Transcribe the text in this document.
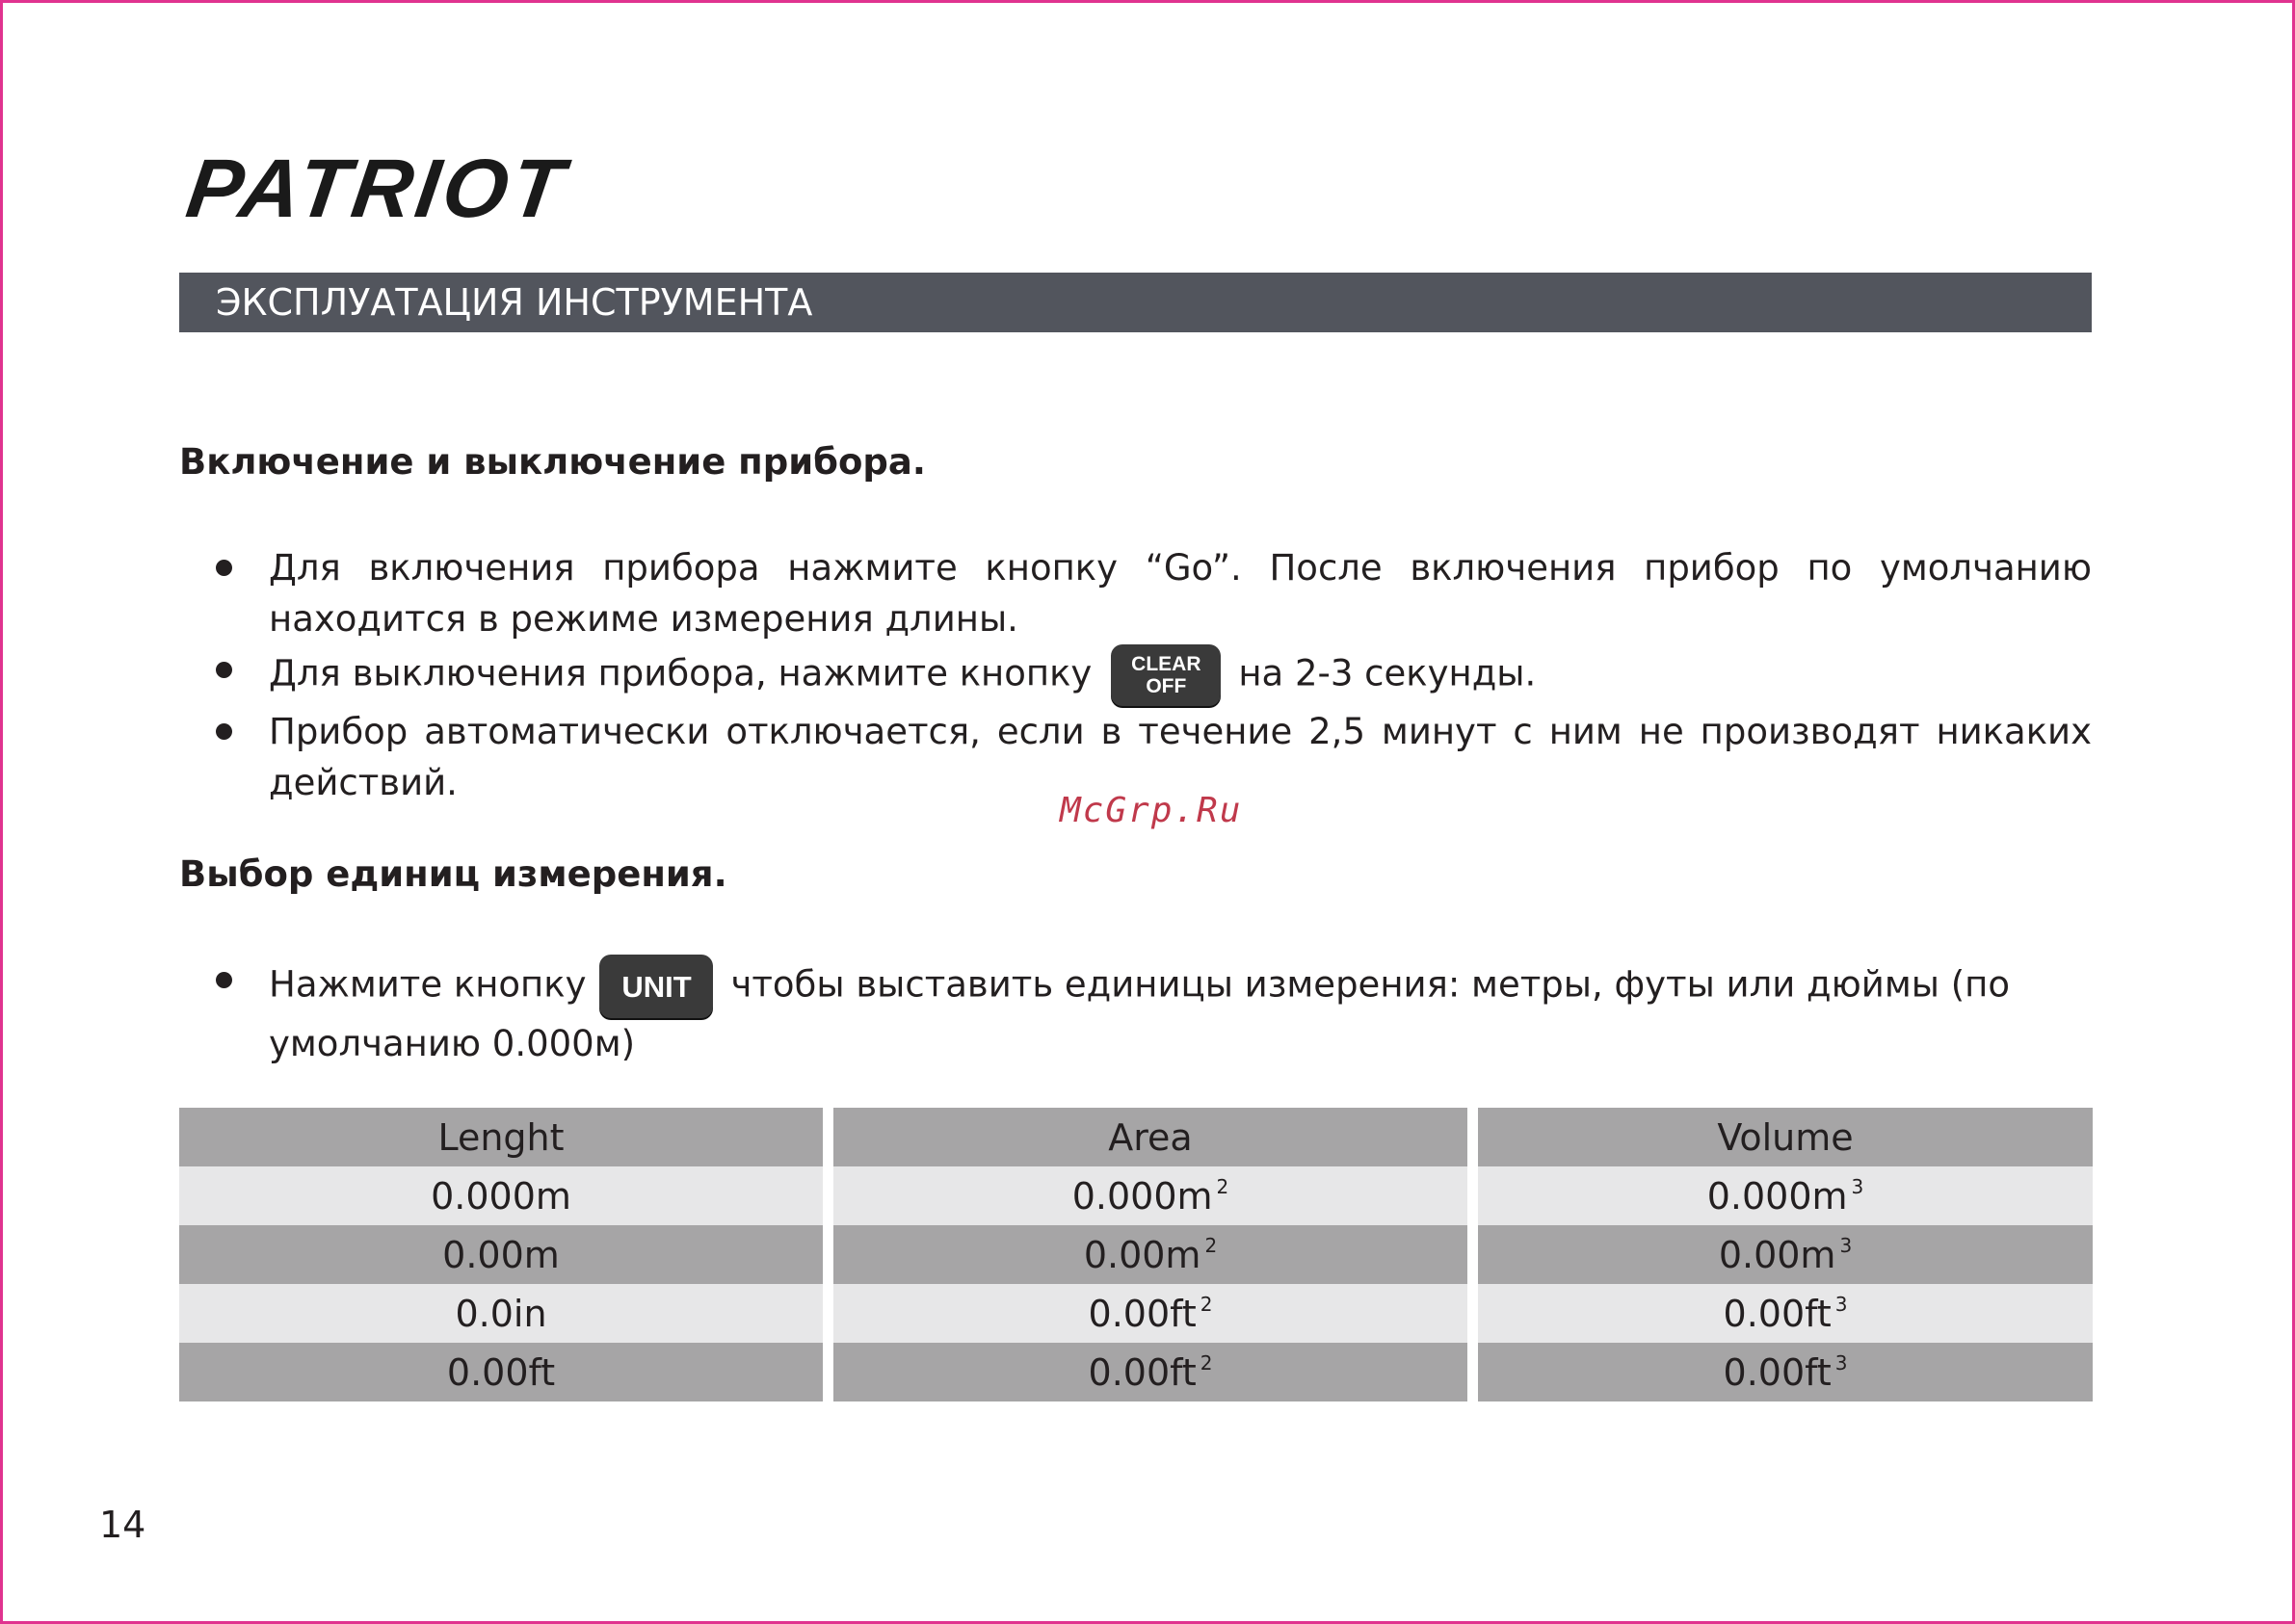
PATRIOT
ЭКСПЛУАТАЦИЯ ИНСТРУМЕНТА
Включение и выключение прибора.
Для включения прибора нажмите кнопку “Go”. После включения прибор по умолчанию находится в режиме измерения длины.
Для выключения прибора, нажмите кнопку CLEAR
OFF на 2-3 секунды.
Прибор автоматически отключается, если в течение 2,5 минут с ним не производят никаких действий.
McGrp.Ru
Выбор единиц измерения.
Нажмите кнопку UNIT чтобы выставить единицы измерения: метры, футы или дюймы (по умолчанию 0.000м)
Lenght
0.000m
0.00m
0.0in
0.00ft
Area
$0.000m^2$
$0.00m^2$
$0.00ft^2$
$0.00ft^2$
Volume
$0.000m^3$
$0.00m^3$
$0.00ft^3$
$0.00ft^3$
14
